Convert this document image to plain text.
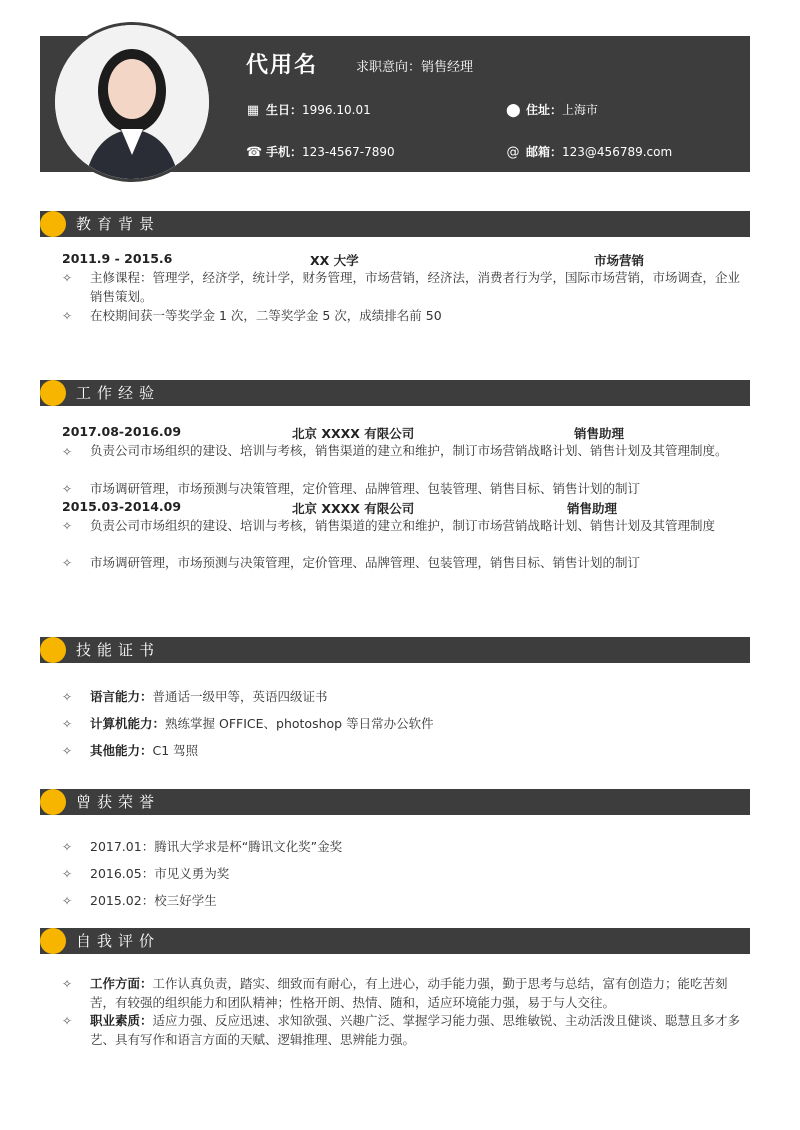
代用名	求职意向：销售经理
▦ 生日：1996.10.01	⬤ 住址：上海市
☎ 手机：123-4567-7890	@ 邮箱：123@456789.com
教育背景
2011.9 - 2015.6	XX 大学	市场营销
✧ 主修课程：管理学，经济学，统计学，财务管理，市场营销，经济法，消费者行为学，国际市场营销，市场调查，企业销售策划。
✧ 在校期间获一等奖学金 1 次，二等奖学金 5 次，成绩排名前 50
工作经验
2017.08-2016.09	北京 XXXX 有限公司	销售助理
✧ 负责公司市场组织的建设、培训与考核，销售渠道的建立和维护，制订市场营销战略计划、销售计划及其管理制度。
✧ 市场调研管理，市场预测与决策管理，定价管理、品牌管理、包装管理、销售目标、销售计划的制订
2015.03-2014.09	北京 XXXX 有限公司	销售助理
✧ 负责公司市场组织的建设、培训与考核，销售渠道的建立和维护，制订市场营销战略计划、销售计划及其管理制度
✧ 市场调研管理，市场预测与决策管理，定价管理、品牌管理、包装管理，销售目标、销售计划的制订
技能证书
✧ 语言能力：普通话一级甲等，英语四级证书
✧ 计算机能力：熟练掌握 OFFICE、photoshop 等日常办公软件
✧ 其他能力：C1 驾照
曾获荣誉
✧ 2017.01：腾讯大学求是杯“腾讯文化奖”金奖
✧ 2016.05：市见义勇为奖
✧ 2015.02：校三好学生
自我评价
✧ 工作方面：工作认真负责，踏实、细致而有耐心，有上进心，动手能力强，勤于思考与总结，富有创造力；能吃苦刻苦，有较强的组织能力和团队精神；性格开朗、热情、随和，适应环境能力强，易于与人交往。
✧ 职业素质：适应力强、反应迅速、求知欲强、兴趣广泛、掌握学习能力强、思维敏锐、主动活泼且健谈、聪慧且多才多艺、具有写作和语言方面的天赋、逻辑推理、思辨能力强。
